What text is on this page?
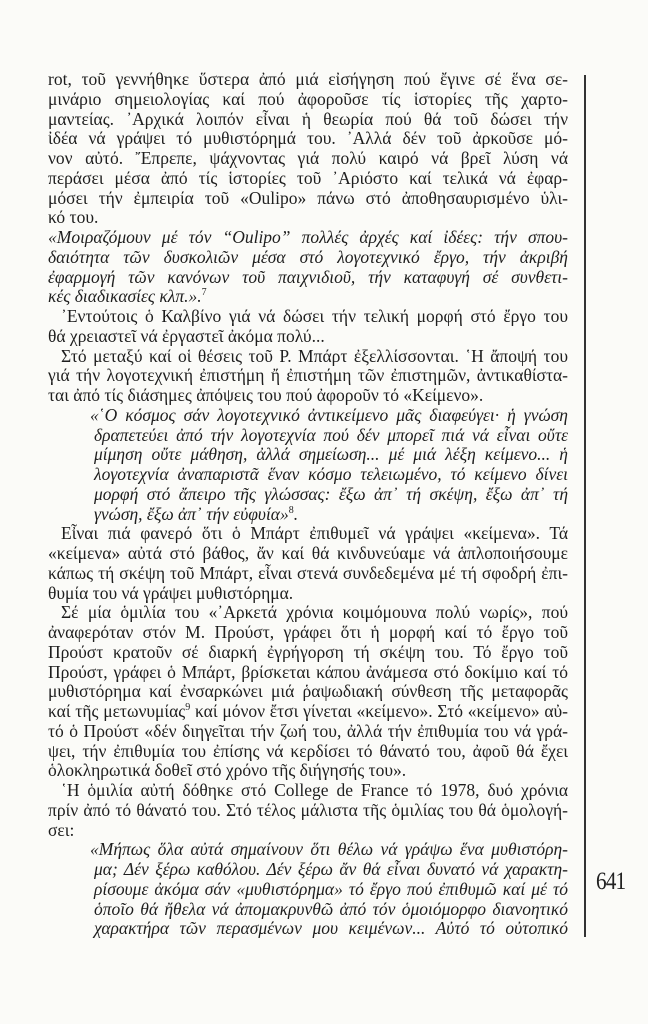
rot, τοῦ γεννήθηκε ὕστερα ἀπό μιά εἰσήγηση πού ἔγινε σέ ἕνα σε-
μινάριο σημειολογίας καί πού ἀφοροῦσε τίς ἱστορίες τῆς χαρτο-
μαντείας. ᾿Αρχικά λοιπόν εἶναι ἡ θεωρία πού θά τοῦ δώσει τήν
ἰδέα νά γράψει τό μυθιστόρημά του. ᾿Αλλά δέν τοῦ ἀρκοῦσε μό-
νον αὐτό. Ἔπρεπε, ψάχνοντας γιά πολύ καιρό νά βρεῖ λύση νά
περάσει μέσα ἀπό τίς ἱστορίες τοῦ ᾿Αριόστο καί τελικά νά ἐφαρ-
μόσει τήν ἐμπειρία τοῦ «Oulipo» πάνω στό ἀποθησαυρισμένο ὑλι-
κό του.
«Μοιραζόμουν μέ τόν “Oulipo” πολλές ἀρχές καί ἰδέες: τήν σπου-
δαιότητα τῶν δυσκολιῶν μέσα στό λογοτεχνικό ἔργο, τήν ἀκριβή
ἐφαρμογή τῶν κανόνων τοῦ παιχνιδιοῦ, τήν καταφυγή σέ συνθετι-
κές διαδικασίες κλπ.».$^7$
᾿Εντούτοις ὁ Καλβίνο γιά νά δώσει τήν τελική μορφή στό ἔργο του
θά χρειαστεῖ νά ἐργαστεῖ ἀκόμα πολύ...
Στό μεταξύ καί οἱ θέσεις τοῦ Ρ. Μπάρτ ἐξελλίσσονται. ῾Η ἄποψή του
γιά τήν λογοτεχνική ἐπιστήμη ἤ ἐπιστήμη τῶν ἐπιστημῶν, ἀντικαθίστα-
ται ἀπό τίς διάσημες ἀπόψεις του πού ἀφοροῦν τό «Κείμενο».
«῾Ο κόσμος σάν λογοτεχνικό ἀντικείμενο μᾶς διαφεύγει· ἡ γνώση
δραπετεύει ἀπό τήν λογοτεχνία πού δέν μπορεῖ πιά νά εἶναι οὔτε
μίμηση οὔτε μάθηση, ἀλλά σημείωση... μέ μιά λέξη κείμενο... ἡ
λογοτεχνία ἀναπαριστᾶ ἕναν κόσμο τελειωμένο, τό κείμενο δίνει
μορφή στό ἄπειρο τῆς γλώσσας: ἔξω ἀπ᾿ τή σκέψη, ἔξω ἀπ᾿ τή
γνώση, ἔξω ἀπ᾿ τήν εὐφυία»$^8$.
Εἶναι πιά φανερό ὅτι ὁ Μπάρτ ἐπιθυμεῖ νά γράψει «κείμενα». Τά
«κείμενα» αὐτά στό βάθος, ἄν καί θά κινδυνεύαμε νά ἁπλοποιήσουμε
κάπως τή σκέψη τοῦ Μπάρτ, εἶναι στενά συνδεδεμένα μέ τή σφοδρή ἐπι-
θυμία του νά γράψει μυθιστόρημα.
Σέ μία ὁμιλία του «᾿Αρκετά χρόνια κοιμόμουνα πολύ νωρίς», πού
ἀναφερόταν στόν Μ. Προύστ, γράφει ὅτι ἡ μορφή καί τό ἔργο τοῦ
Προύστ κρατοῦν σέ διαρκή ἐγρήγορση τή σκέψη του. Τό ἔργο τοῦ
Προύστ, γράφει ὁ Μπάρτ, βρίσκεται κάπου ἀνάμεσα στό δοκίμιο καί τό
μυθιστόρημα καί ἐνσαρκώνει μιά ῥαψωδιακή σύνθεση τῆς μεταφορᾶς
καί τῆς μετωνυμίας$^9$ καί μόνον ἔτσι γίνεται «κείμενο». Στό «κείμενο» αὐ-
τό ὁ Προύστ «δέν διηγεῖται τήν ζωή του, ἀλλά τήν ἐπιθυμία του νά γρά-
ψει, τήν ἐπιθυμία του ἐπίσης νά κερδίσει τό θάνατό του, ἀφοῦ θά ἔχει
ὁλοκληρωτικά δοθεῖ στό χρόνο τῆς διήγησής του».
῾Η ὁμιλία αὐτή δόθηκε στό College de France τό 1978, δυό χρόνια
πρίν ἀπό τό θάνατό του. Στό τέλος μάλιστα τῆς ὁμιλίας του θά ὁμολογή-
σει:
«Μήπως ὅλα αὐτά σημαίνουν ὅτι θέλω νά γράψω ἕνα μυθιστόρη-
μα; Δέν ξέρω καθόλου. Δέν ξέρω ἄν θά εἶναι δυνατό νά χαρακτη-
ρίσουμε ἀκόμα σάν «μυθιστόρημα» τό ἔργο πού ἐπιθυμῶ καί μέ τό
ὁποῖο θά ἤθελα νά ἀπομακρυνθῶ ἀπό τόν ὁμοιόμορφο διανοητικό
χαρακτήρα τῶν περασμένων μου κειμένων... Αὐτό τό οὐτοπικό
641
